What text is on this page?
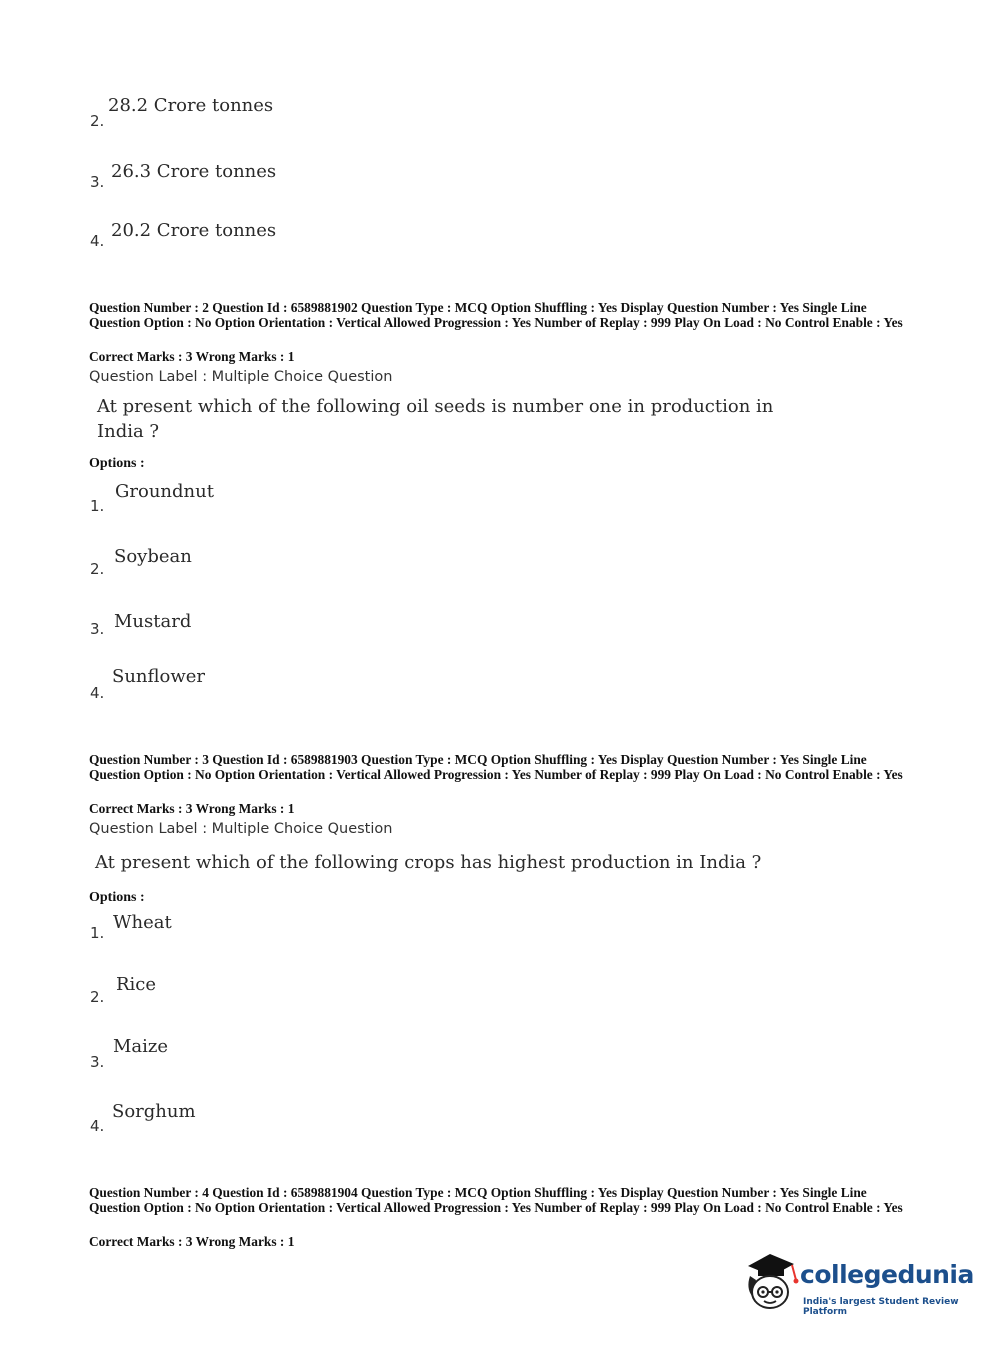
28.2 Crore tonnes
2.
26.3 Crore tonnes
3.
20.2 Crore tonnes
4.
Question Number : 2 Question Id : 6589881902 Question Type : MCQ Option Shuffling : Yes Display Question Number : Yes Single Line Question Option : No Option Orientation : Vertical Allowed Progression : Yes Number of Replay : 999 Play On Load : No Control Enable : Yes
Correct Marks : 3 Wrong Marks : 1
Question Label : Multiple Choice Question
At present which of the following oil seeds is number one in production in
India ?
Options :
Groundnut
1.
Soybean
2.
Mustard
3.
Sunflower
4.
Question Number : 3 Question Id : 6589881903 Question Type : MCQ Option Shuffling : Yes Display Question Number : Yes Single Line Question Option : No Option Orientation : Vertical Allowed Progression : Yes Number of Replay : 999 Play On Load : No Control Enable : Yes
Correct Marks : 3 Wrong Marks : 1
Question Label : Multiple Choice Question
At present which of the following crops has highest production in India ?
Options :
Wheat
1.
Rice
2.
Maize
3.
Sorghum
4.
Question Number : 4 Question Id : 6589881904 Question Type : MCQ Option Shuffling : Yes Display Question Number : Yes Single Line Question Option : No Option Orientation : Vertical Allowed Progression : Yes Number of Replay : 999 Play On Load : No Control Enable : Yes
Correct Marks : 3 Wrong Marks : 1
collegedunia
India's largest Student Review Platform
